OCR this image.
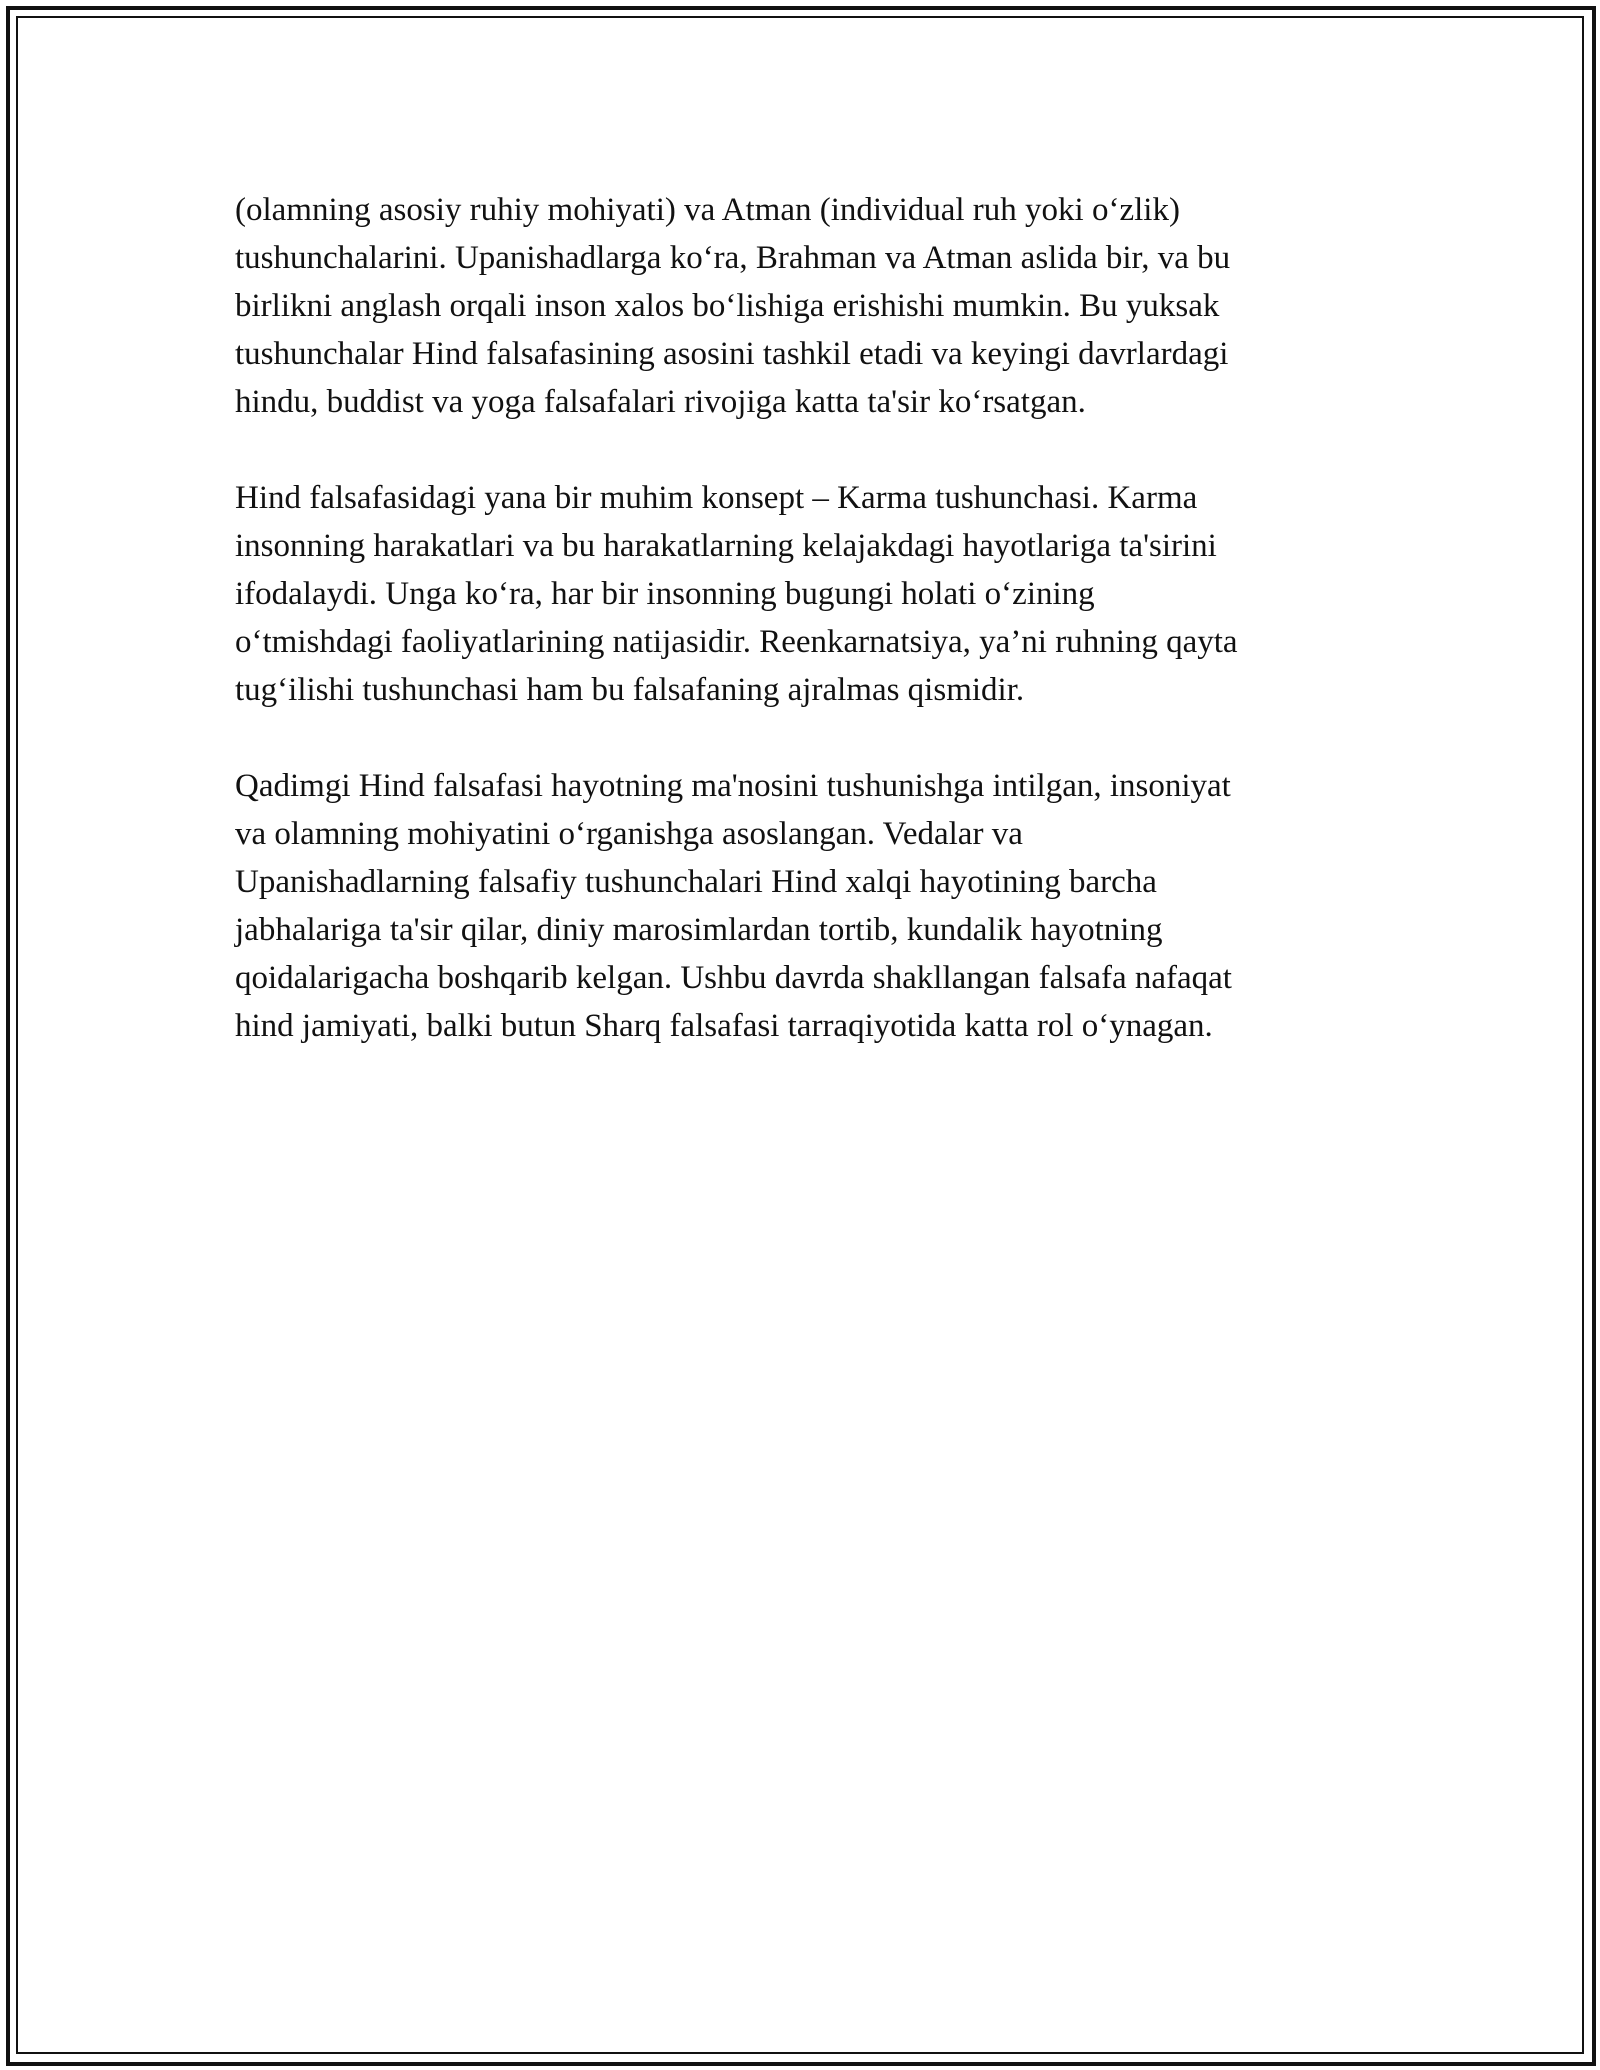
(olamning asosiy ruhiy mohiyati) va Atman (individual ruh yoki o‘zlik)
tushunchalarini. Upanishadlarga ko‘ra, Brahman va Atman aslida bir, va bu
birlikni anglash orqali inson xalos bo‘lishiga erishishi mumkin. Bu yuksak
tushunchalar Hind falsafasining asosini tashkil etadi va keyingi davrlardagi
hindu, buddist va yoga falsafalari rivojiga katta ta'sir ko‘rsatgan.

Hind falsafasidagi yana bir muhim konsept – Karma tushunchasi. Karma
insonning harakatlari va bu harakatlarning kelajakdagi hayotlariga ta'sirini
ifodalaydi. Unga ko‘ra, har bir insonning bugungi holati o‘zining
o‘tmishdagi faoliyatlarining natijasidir. Reenkarnatsiya, ya’ni ruhning qayta
tug‘ilishi tushunchasi ham bu falsafaning ajralmas qismidir.

Qadimgi Hind falsafasi hayotning ma'nosini tushunishga intilgan, insoniyat
va olamning mohiyatini o‘rganishga asoslangan. Vedalar va
Upanishadlarning falsafiy tushunchalari Hind xalqi hayotining barcha
jabhalariga ta'sir qilar, diniy marosimlardan tortib, kundalik hayotning
qoidalarigacha boshqarib kelgan. Ushbu davrda shakllangan falsafa nafaqat
hind jamiyati, balki butun Sharq falsafasi tarraqiyotida katta rol o‘ynagan.
